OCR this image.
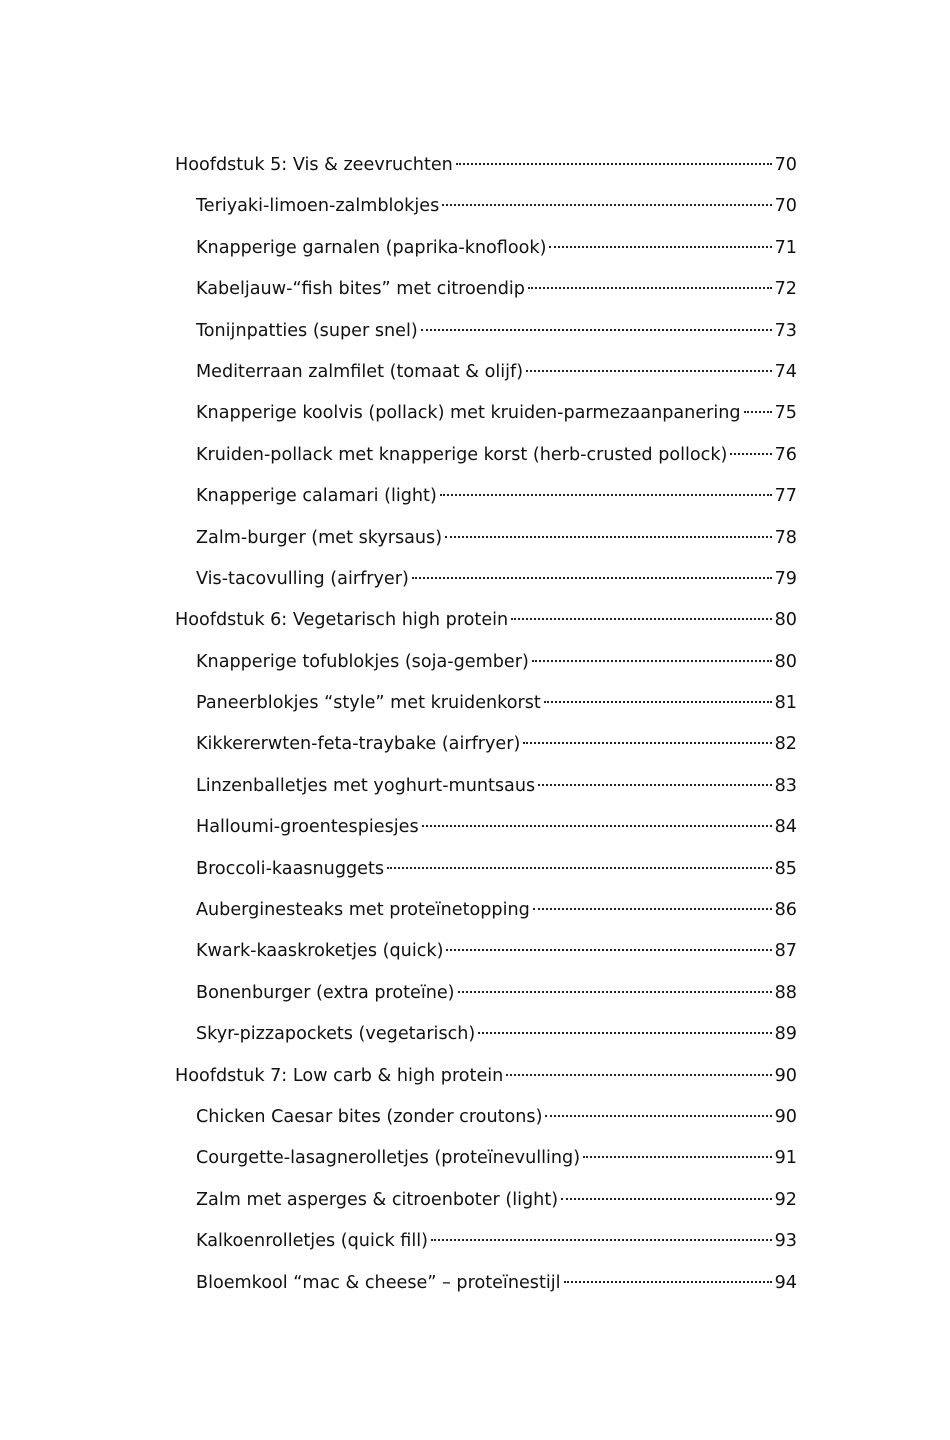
Hoofdstuk 5: Vis & zeevruchten	70
Teriyaki-limoen-zalmblokjes	70
Knapperige garnalen (paprika-knoflook)	71
Kabeljauw-“fish bites” met citroendip	72
Tonijnpatties (super snel)	73
Mediterraan zalmfilet (tomaat & olijf)	74
Knapperige koolvis (pollack) met kruiden-parmezaanpanering 75
Kruiden-pollack met knapperige korst (herb-crusted pollock)	76
Knapperige calamari (light)	77
Zalm-burger (met skyrsaus)	78
Vis-tacovulling (airfryer)	79
Hoofdstuk 6: Vegetarisch high protein	80
Knapperige tofublokjes (soja-gember)	80
Paneerblokjes “style” met kruidenkorst	81
Kikkererwten-feta-traybake (airfryer)	82
Linzenballetjes met yoghurt-muntsaus	83
Halloumi-groentespiesjes	84
Broccoli-kaasnuggets	85
Auberginesteaks met proteïnetopping	86
Kwark-kaaskroketjes (quick)	87
Bonenburger (extra proteïne)	88
Skyr-pizzapockets (vegetarisch)	89
Hoofdstuk 7: Low carb & high protein	90
Chicken Caesar bites (zonder croutons)	90
Courgette-lasagnerolletjes (proteïnevulling)	91
Zalm met asperges & citroenboter (light)	92
Kalkoenrolletjes (quick fill)	93
Bloemkool “mac & cheese” – proteïnestijl	94
